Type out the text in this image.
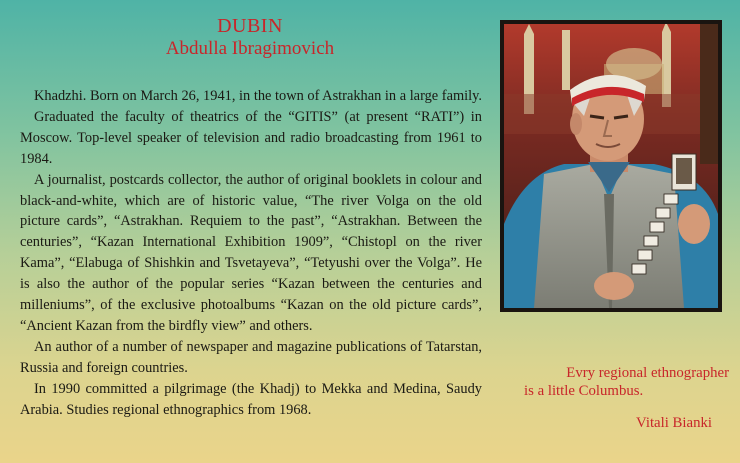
DUBIN
Abdulla Ibragimovich

Khadzhi. Born on March 26, 1941, in the town of Astrakhan in a large family.

Graduated the faculty of theatrics of the “GITIS” (at present “RATI”) in Moscow. Top-level speaker of television and radio broadcasting from 1961 to 1984.

A journalist, postcards collector, the author of original booklets in colour and black-and-white, which are of historic value, “The river Volga on the old picture cards”, “Astrakhan. Requiem to the past”, “Astrakhan. Between the centuries”, “Kazan International Exhibition 1909”, “Chistopl on the river Kama”, “Elabuga of Shishkin and Tsvetayeva”, “Tetyushi over the Volga”. He is also the author of the popular series “Kazan between the centuries and milleniums”, of the exclusive photoalbums “Kazan on the old picture cards”, “Ancient Kazan from the birdfly view” and others.

An author of a number of newspaper and magazine publications of Tatarstan, Russia and foreign countries.

In 1990 committed a pilgrimage (the Khadj) to Mekka and Medina, Saudy Arabia. Studies regional ethnographics from 1968.

Evry regional ethnographer
is a little Columbus.
Vitali Bianki
